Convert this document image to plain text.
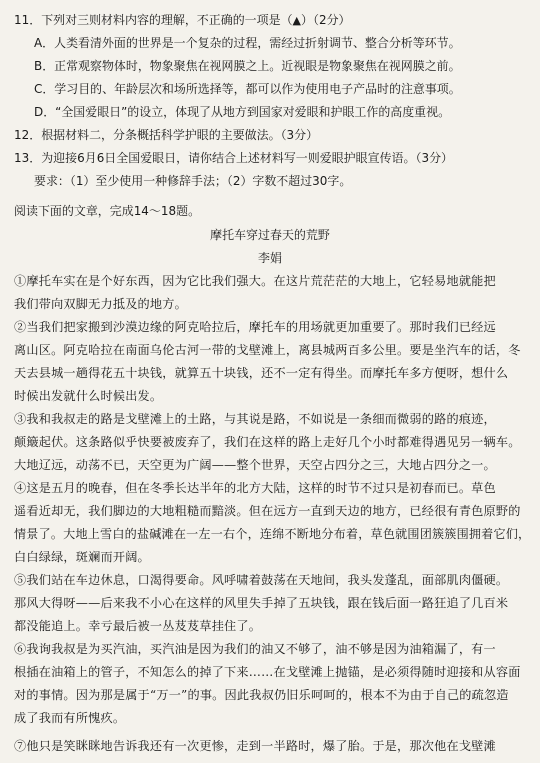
11．下列对三则材料内容的理解，不正确的一项是（▲）（2分）
A．人类看清外面的世界是一个复杂的过程，需经过折射调节、整合分析等环节。
B．正常观察物体时，物象聚焦在视网膜之上。近视眼是物象聚焦在视网膜之前。
C．学习目的、年龄层次和场所选择等，都可以作为使用电子产品时的注意事项。
D．“全国爱眼日”的设立，体现了从地方到国家对爱眼和护眼工作的高度重视。
12．根据材料二，分条概括科学护眼的主要做法。（3分）
13．为迎接6月6日全国爱眼日，请你结合上述材料写一则爱眼护眼宣传语。（3分）
要求：（1）至少使用一种修辞手法；（2）字数不超过30字。
阅读下面的文章，完成14～18题。
摩托车穿过春天的荒野
李娟
①摩托车实在是个好东西，因为它比我们强大。在这片荒茫茫的大地上，它轻易地就能把
我们带向双脚无力抵及的地方。
②当我们把家搬到沙漠边缘的阿克哈拉后，摩托车的用场就更加重要了。那时我们已经远
离山区。阿克哈拉在南面乌伦古河一带的戈壁滩上，离县城两百多公里。要是坐汽车的话，冬
天去县城一趟得花五十块钱，就算五十块钱，还不一定有得坐。而摩托车多方便呀，想什么
时候出发就什么时候出发。
③我和我叔走的路是戈壁滩上的土路，与其说是路，不如说是一条细而微弱的路的痕迹，
颠簸起伏。这条路似乎快要被废弃了，我们在这样的路上走好几个小时都难得遇见另一辆车。
大地辽远，动荡不已，天空更为广阔——整个世界，天空占四分之三，大地占四分之一。
④这是五月的晚春，但在冬季长达半年的北方大陆，这样的时节不过只是初春而已。草色
遥看近却无，我们脚边的大地粗糙而黯淡。但在远方一直到天边的地方，已经很有青色原野的
情景了。大地上雪白的盐碱滩在一左一右个，连绵不断地分布着，草色就围团簇簇围拥着它们，
白白绿绿，斑斓而开阔。
⑤我们站在车边休息，口渴得要命。风呼啸着鼓荡在天地间，我头发蓬乱，面部肌肉僵硬。
那风大得呀——后来我不小心在这样的风里失手掉了五块钱，跟在钱后面一路狂追了几百米
都没能追上。幸亏最后被一丛芨芨草挂住了。
⑥我询我叔是为买汽油，买汽油是因为我们的油又不够了，油不够是因为油箱漏了，有一
根插在油箱上的管子，不知怎么的掉了下来……在戈壁滩上抛锚，是必须得随时迎接和从容面
对的事情。因为那是属于“万一”的事。因此我叔仍旧乐呵呵的，根本不为由于自己的疏忽造
成了我而有所愧疚。
⑦他只是笑眯眯地告诉我还有一次更惨，走到一半路时，爆了胎。于是，那次他在戈壁滩
